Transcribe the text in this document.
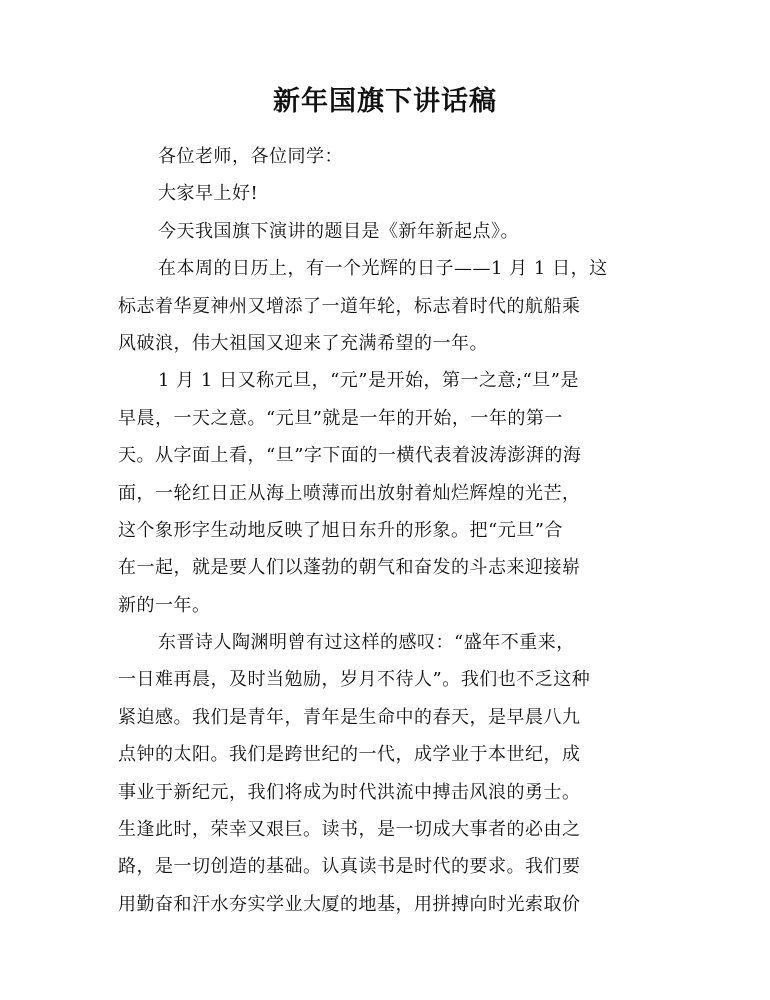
新年国旗下讲话稿
各位老师，各位同学：
大家早上好!
今天我国旗下演讲的题目是《新年新起点》。
在本周的日历上，有一个光辉的日子——1 月 1 日，这
标志着华夏神州又增添了一道年轮，标志着时代的航船乘
风破浪，伟大祖国又迎来了充满希望的一年。
1 月 1 日又称元旦，“元”是开始，第一之意;“旦”是
早晨，一天之意。“元旦”就是一年的开始，一年的第一
天。从字面上看，“旦”字下面的一横代表着波涛澎湃的海
面，一轮红日正从海上喷薄而出放射着灿烂辉煌的光芒，
这个象形字生动地反映了旭日东升的形象。把“元旦”合
在一起，就是要人们以蓬勃的朝气和奋发的斗志来迎接崭
新的一年。
东晋诗人陶渊明曾有过这样的感叹：“盛年不重来，
一日难再晨，及时当勉励，岁月不待人”。我们也不乏这种
紧迫感。我们是青年，青年是生命中的春天，是早晨八九
点钟的太阳。我们是跨世纪的一代，成学业于本世纪，成
事业于新纪元，我们将成为时代洪流中搏击风浪的勇士。
生逢此时，荣幸又艰巨。读书，是一切成大事者的必由之
路，是一切创造的基础。认真读书是时代的要求。我们要
用勤奋和汗水夯实学业大厦的地基，用拼搏向时光索取价
